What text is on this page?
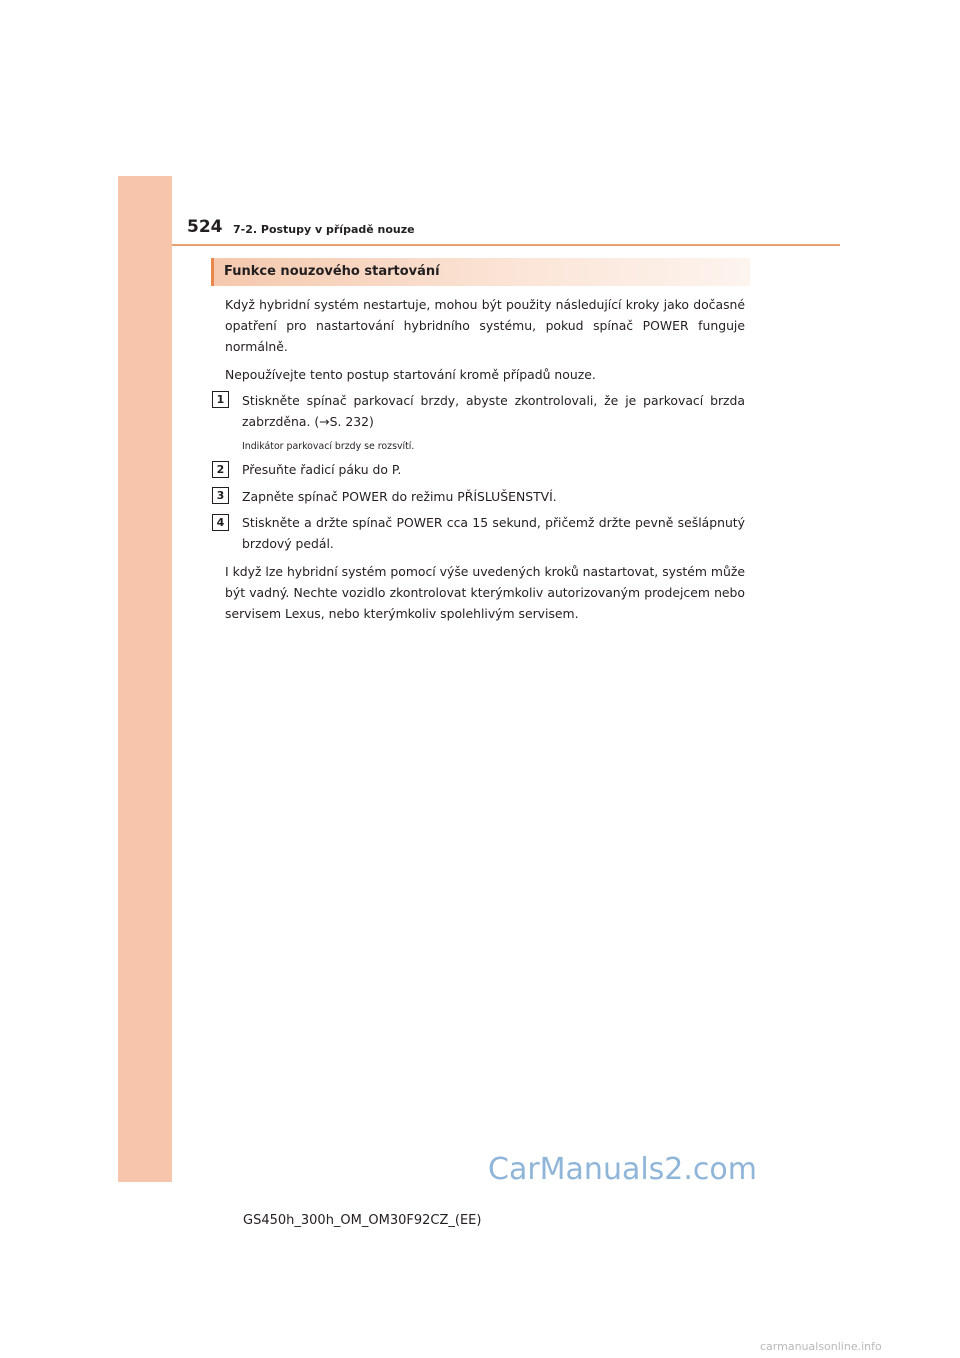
524 7-2. Postupy v případě nouze
Funkce nouzového startování

Když hybridní systém nestartuje, mohou být použity následující kroky jako dočasné opatření pro nastartování hybridního systému, pokud spínač POWER funguje normálně.

Nepoužívejte tento postup startování kromě případů nouze.

1	Stiskněte spínač parkovací brzdy, abyste zkontrolovali, že je parkovací brzda zabrzděna. (→S. 232)

Indikátor parkovací brzdy se rozsvítí.

2	Přesuňte řadicí páku do P.

3	Zapněte spínač POWER do režimu PŘÍSLUŠENSTVÍ.

4	Stiskněte a držte spínač POWER cca 15 sekund, přičemž držte pevně sešlápnutý brzdový pedál.

I když lze hybridní systém pomocí výše uvedených kroků nastartovat, systém může být vadný. Nechte vozidlo zkontrolovat kterýmkoliv autorizovaným prodejcem nebo servisem Lexus, nebo kterýmkoliv spolehlivým servisem.

CarManuals2.com
GS450h_300h_OM_OM30F92CZ_(EE)
carmanualsonline.info
